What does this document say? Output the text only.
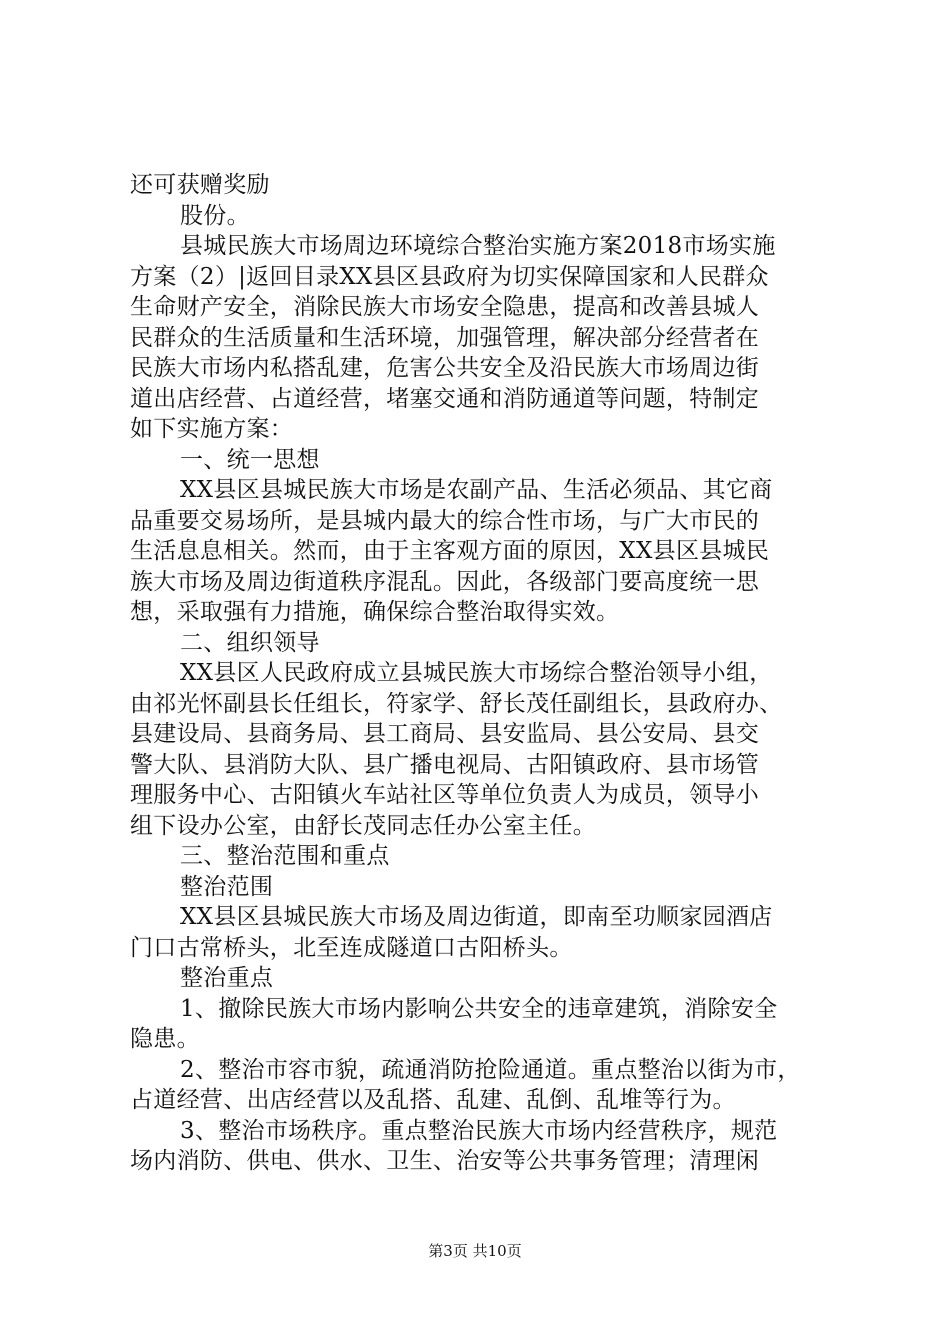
还可获赠奖励
股份。
县城民族大市场周边环境综合整治实施方案2018市场实施
方案（2）|返回目录XX县区县政府为切实保障国家和人民群众
生命财产安全，消除民族大市场安全隐患，提高和改善县城人
民群众的生活质量和生活环境，加强管理，解决部分经营者在
民族大市场内私搭乱建，危害公共安全及沿民族大市场周边街
道出店经营、占道经营，堵塞交通和消防通道等问题，特制定
如下实施方案：
一、统一思想
XX县区县城民族大市场是农副产品、生活必须品、其它商
品重要交易场所，是县城内最大的综合性市场，与广大市民的
生活息息相关。然而，由于主客观方面的原因，XX县区县城民
族大市场及周边街道秩序混乱。因此，各级部门要高度统一思
想，采取强有力措施，确保综合整治取得实效。
二、组织领导
XX县区人民政府成立县城民族大市场综合整治领导小组，
由祁光怀副县长任组长，符家学、舒长茂任副组长，县政府办、
县建设局、县商务局、县工商局、县安监局、县公安局、县交
警大队、县消防大队、县广播电视局、古阳镇政府、县市场管
理服务中心、古阳镇火车站社区等单位负责人为成员，领导小
组下设办公室，由舒长茂同志任办公室主任。
三、整治范围和重点
整治范围
XX县区县城民族大市场及周边街道，即南至功顺家园酒店
门口古常桥头，北至连成隧道口古阳桥头。
整治重点
1、撤除民族大市场内影响公共安全的违章建筑，消除安全
隐患。
2、整治市容市貌，疏通消防抢险通道。重点整治以街为市，
占道经营、出店经营以及乱搭、乱建、乱倒、乱堆等行为。
3、整治市场秩序。重点整治民族大市场内经营秩序，规范
场内消防、供电、供水、卫生、治安等公共事务管理；清理闲
第3页 共10页
